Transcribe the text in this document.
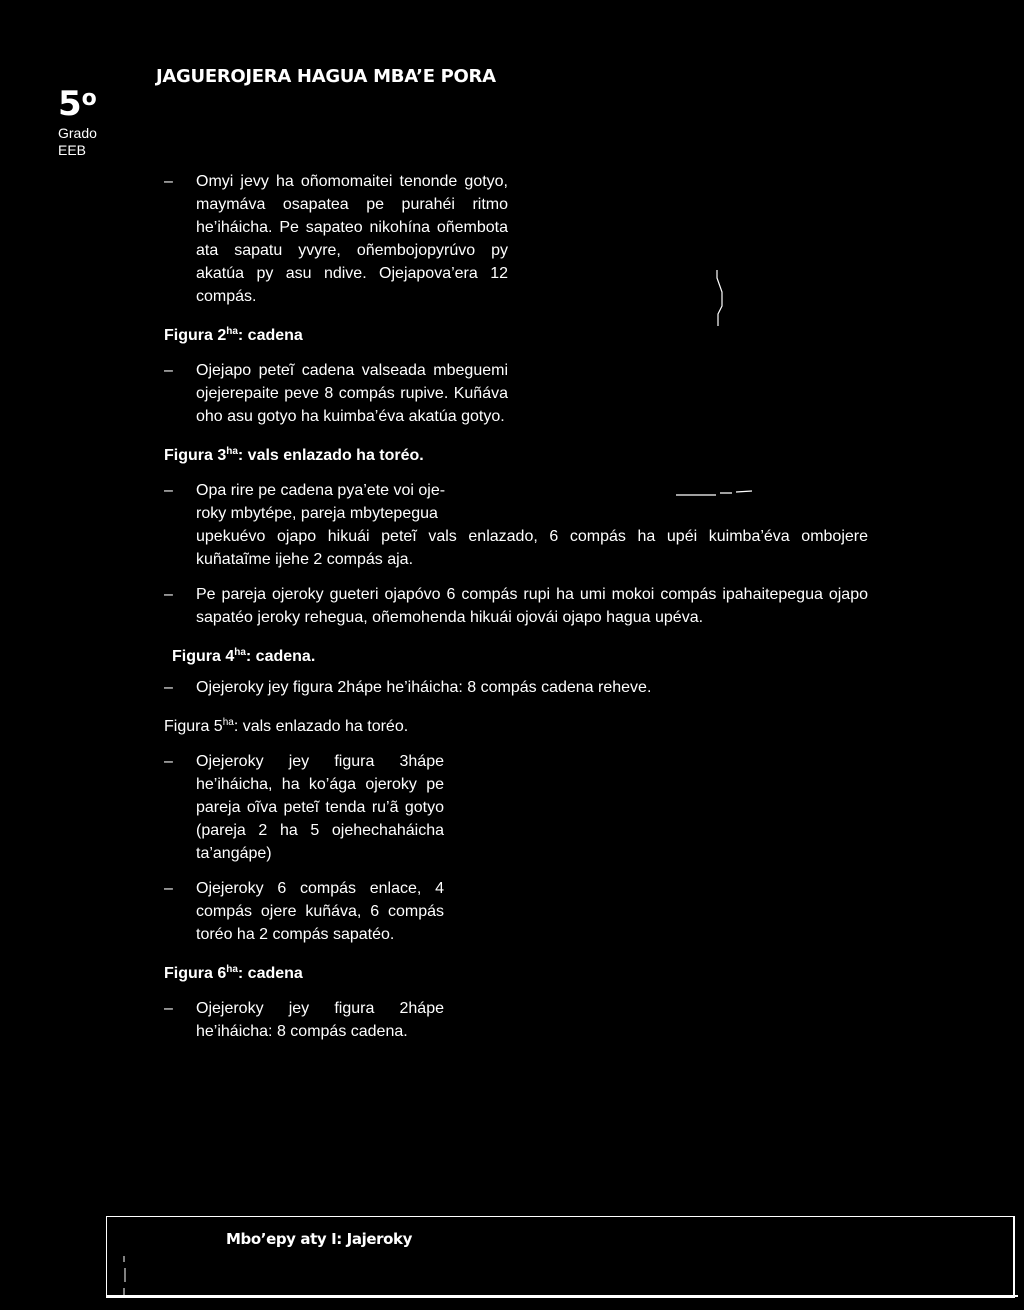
5$^o$
Grado
EEB
JAGUEROJERA HAGUA MBA’E PORA
– Omyi jevy ha oñomomaitei tenonde gotyo, maymáva osapatea pe purahéi ritmo he’iháicha. Pe sapateo nikohína oñembota ata sapatu yvyre, oñembojopyrúvo py akatúa py asu ndive. Ojejapova’era 12 compás.
Figura $2^{ha}$: cadena
– Ojejapo peteĩ cadena valseada mbeguemi ojejerepaite peve 8 compás rupive. Kuñáva oho asu gotyo ha kuimba’éva akatúa gotyo.
Figura $3^{ha}$: vals enlazado ha toréo.
– Opa rire pe cadena pya’ete voi oje-
roky mbytépe, pareja mbytepegua
upekuévo ojapo hikuái peteĩ vals enlazado, 6 compás ha upéi kuimba’éva ombojere kuñataĩme ijehe 2 compás aja.
– Pe pareja ojeroky gueteri ojapóvo 6 compás rupi ha umi mokoi compás ipahaitepegua ojapo sapatéo jeroky rehegua, oñemohenda hikuái ojovái ojapo hagua upéva.
Figura $4^{ha}$: cadena.
– Ojejeroky jey figura 2hápe he’iháicha: 8 compás cadena reheve.
Figura $5^{ha}$: vals enlazado ha toréo.
– Ojejeroky jey figura 3hápe he’iháicha, ha ko’ága ojeroky pe pareja oĩva peteĩ tenda ru’ã gotyo (pareja 2 ha 5 ojehechaháicha ta’angápe)
– Ojejeroky 6 compás enlace, 4 compás ojere kuñáva, 6 compás toréo ha 2 compás sapatéo.
Figura $6^{ha}$: cadena
– Ojejeroky jey figura 2hápe he’iháicha: 8 compás cadena.
Mbo’epy aty I: Jajeroky
